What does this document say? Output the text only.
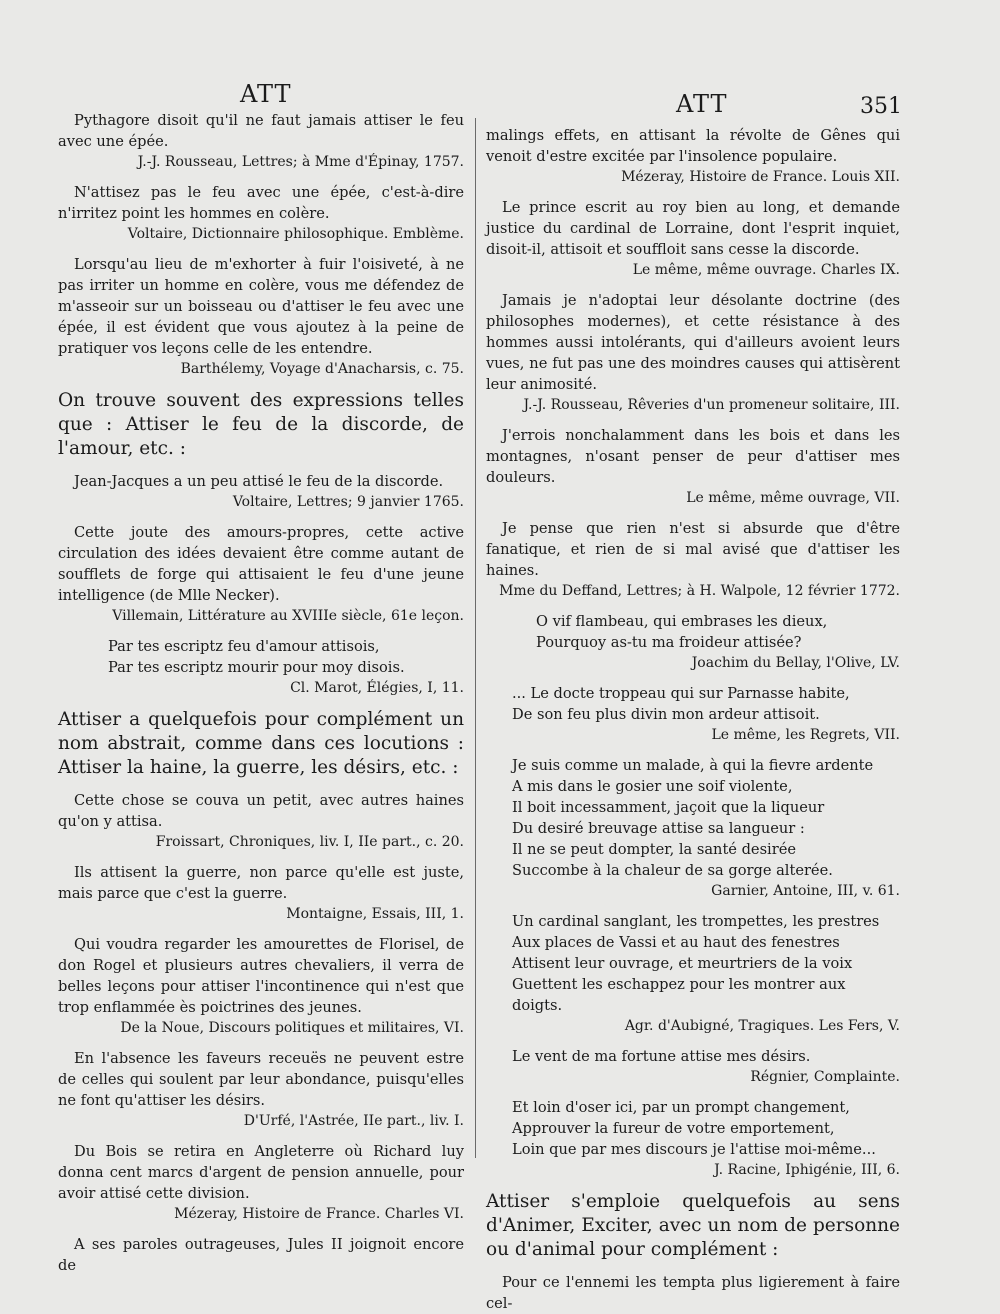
ATT	ATT	351

Pythagore disoit qu'il ne faut jamais attiser le feu avec une épée.

J.-J. Rousseau, Lettres; à Mme d'Épinay, 1757.

N'attisez pas le feu avec une épée, c'est-à-dire n'irritez point les hommes en colère.

Voltaire, Dictionnaire philosophique. Emblème.

Lorsqu'au lieu de m'exhorter à fuir l'oisiveté, à ne pas irriter un homme en colère, vous me défendez de m'asseoir sur un boisseau ou d'attiser le feu avec une épée, il est évident que vous ajoutez à la peine de pratiquer vos leçons celle de les entendre.

Barthélemy, Voyage d'Anacharsis, c. 75.

On trouve souvent des expressions telles que : Attiser le feu de la discorde, de l'amour, etc. :

Jean-Jacques a un peu attisé le feu de la discorde.

Voltaire, Lettres; 9 janvier 1765.

Cette joute des amours-propres, cette active circulation des idées devaient être comme autant de soufflets de forge qui attisaient le feu d'une jeune intelligence (de Mlle Necker).

Villemain, Littérature au XVIIIe siècle, 61e leçon.

Par tes escriptz feu d'amour attisois,
Par tes escriptz mourir pour moy disois.

Cl. Marot, Élégies, I, 11.

Attiser a quelquefois pour complément un nom abstrait, comme dans ces locutions : Attiser la haine, la guerre, les désirs, etc. :

Cette chose se couva un petit, avec autres haines qu'on y attisa.

Froissart, Chroniques, liv. I, IIe part., c. 20.

Ils attisent la guerre, non parce qu'elle est juste, mais parce que c'est la guerre.

Montaigne, Essais, III, 1.

Qui voudra regarder les amourettes de Florisel, de don Rogel et plusieurs autres chevaliers, il verra de belles leçons pour attiser l'incontinence qui n'est que trop enflammée ès poictrines des jeunes.

De la Noue, Discours politiques et militaires, VI.

En l'absence les faveurs receuës ne peuvent estre de celles qui soulent par leur abondance, puisqu'elles ne font qu'attiser les désirs.

D'Urfé, l'Astrée, IIe part., liv. I.

Du Bois se retira en Angleterre où Richard luy donna cent marcs d'argent de pension annuelle, pour avoir attisé cette division.

Mézeray, Histoire de France. Charles VI.

A ses paroles outrageuses, Jules II joignoit encore de

malings effets, en attisant la révolte de Gênes qui venoit d'estre excitée par l'insolence populaire.

Mézeray, Histoire de France. Louis XII.

Le prince escrit au roy bien au long, et demande justice du cardinal de Lorraine, dont l'esprit inquiet, disoit-il, attisoit et souffloit sans cesse la discorde.

Le même, même ouvrage. Charles IX.

Jamais je n'adoptai leur désolante doctrine (des philosophes modernes), et cette résistance à des hommes aussi intolérants, qui d'ailleurs avoient leurs vues, ne fut pas une des moindres causes qui attisèrent leur animosité.

J.-J. Rousseau, Rêveries d'un promeneur solitaire, III.

J'errois nonchalamment dans les bois et dans les montagnes, n'osant penser de peur d'attiser mes douleurs.

Le même, même ouvrage, VII.

Je pense que rien n'est si absurde que d'être fanatique, et rien de si mal avisé que d'attiser les haines.

Mme du Deffand, Lettres; à H. Walpole, 12 février 1772.

O vif flambeau, qui embrases les dieux,
Pourquoy as-tu ma froideur attisée?

Joachim du Bellay, l'Olive, LV.

... Le docte troppeau qui sur Parnasse habite,
De son feu plus divin mon ardeur attisoit.

Le même, les Regrets, VII.

Je suis comme un malade, à qui la fievre ardente
A mis dans le gosier une soif violente,
Il boit incessamment, jaçoit que la liqueur
Du desiré breuvage attise sa langueur :
Il ne se peut dompter, la santé desirée
Succombe à la chaleur de sa gorge alterée.

Garnier, Antoine, III, v. 61.

Un cardinal sanglant, les trompettes, les prestres
Aux places de Vassi et au haut des fenestres
Attisent leur ouvrage, et meurtriers de la voix
Guettent les eschappez pour les montrer aux doigts.

Agr. d'Aubigné, Tragiques. Les Fers, V.

Le vent de ma fortune attise mes désirs.

Régnier, Complainte.

Et loin d'oser ici, par un prompt changement,
Approuver la fureur de votre emportement,
Loin que par mes discours je l'attise moi-même...

J. Racine, Iphigénie, III, 6.

Attiser s'emploie quelquefois au sens d'Animer, Exciter, avec un nom de personne ou d'animal pour complément :

Pour ce l'ennemi les tempta plus ligierement à faire cel-
